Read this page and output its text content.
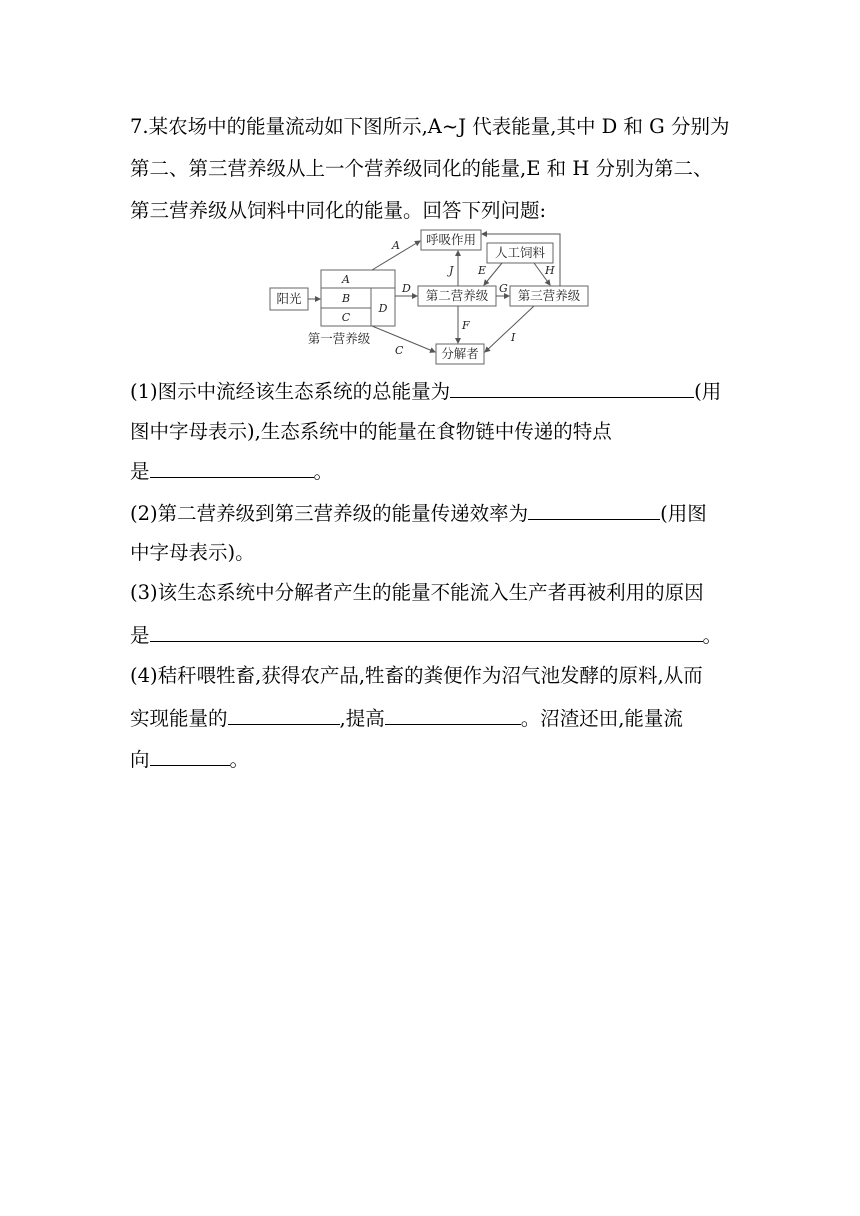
7.某农场中的能量流动如下图所示,A~J 代表能量,其中 D 和 G 分别为
第二、第三营养级从上一个营养级同化的能量,E 和 H 分别为第二、
第三营养级从饲料中同化的能量。回答下列问题:
阳光
呼吸作用
人工饲料
第二营养级 第三营养级
分解者
第一营养级
A
B
C
D
A
J E	H
D	G
F
C
I
(1)图示中流经该生态系统的总能量为	(用
图中字母表示),生态系统中的能量在食物链中传递的特点
是	。
(2)第二营养级到第三营养级的能量传递效率为	(用图
中字母表示)。
(3)该生态系统中分解者产生的能量不能流入生产者再被利用的原因
是	。
(4)秸秆喂牲畜,获得农产品,牲畜的粪便作为沼气池发酵的原料,从而
实现能量的	,提高	。沼渣还田,能量流
向	。
